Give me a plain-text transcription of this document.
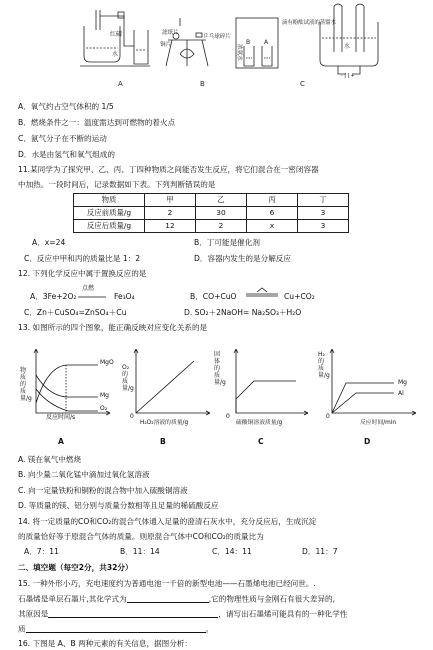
红磷
水
滤纸片
乒乓球碎片
铜片	浓氨水
B A
滴有酚酞试液的蒸馏水
水
- ǀ ǀ +
A	B	C
A．氧气约占空气体积的 1/5
B．燃烧条件之一：温度需达到可燃物的着火点
C．氨气分子在不断的运动
D．水是由氢气和氧气组成的
11.某同学为了探究甲、乙、丙、丁四种物质之间能否发生反应，将它们混合在一密闭容器
中加热。一段时间后，记录数据如下表。下列判断错误的是
物质	甲	乙	丙	丁
反应前质量/g	2	30	6	3
反应后质量/g	12	2	x	3
A．x=24	B．丁可能是催化剂
C．反应中甲和丙的质量比是 1：2	D．容器内发生的是分解反应
12. 下列化学反应中属于置换反应的是
A．3Fe+2O₂
点燃
Fe₃O₄	B．CO+CuO	Cu+CO₂
C．Zn＋CuSO₄=ZnSO₄＋Cu	D. SO₂＋2NaOH= Na₂SO₃＋H₂O
13. 如图所示的四个图象，能正确反映对应变化关系的是
物质的质量/g
MgO
Mg
O₂
反应时间/s
A
O₂的质量/g
0
H₂O₂溶液的质量/g
B
固体的质量/g
0
硫酸铜溶液质量/g
C
H₂的质量/g
Mg
Al
0
反应时间/min
D
A. 镁在氧气中燃烧
B. 向少量二氧化锰中滴加过氧化氢溶液
C. 向一定量铁粉和铜粉的混合物中加入硫酸铜溶液
D. 等质量的镁、铝分别与质量分数相等且足量的稀硫酸反应
14. 将一定质量的CO和CO₂的混合气体通入足量的澄清石灰水中，充分反应后，生成沉淀
的质量恰好等于原混合气体的质量。则原混合气体中CO和CO₂的质量比为
A．7：11	B．11：14	C．14：11	D．11：7
二、填空题（每空2分，共32分）
15. 一种外形小巧，充电速度约为普通电池一千倍的新型电池——石墨烯电池已经问世。.
石墨烯是单层石墨片,其化学式为	,它的物理性质与金刚石有很大差异的,
其原因是	，请写出石墨烯可能具有的一种化学性
质	。
16. 下图是 A、B 两种元素的有关信息，据图分析：
